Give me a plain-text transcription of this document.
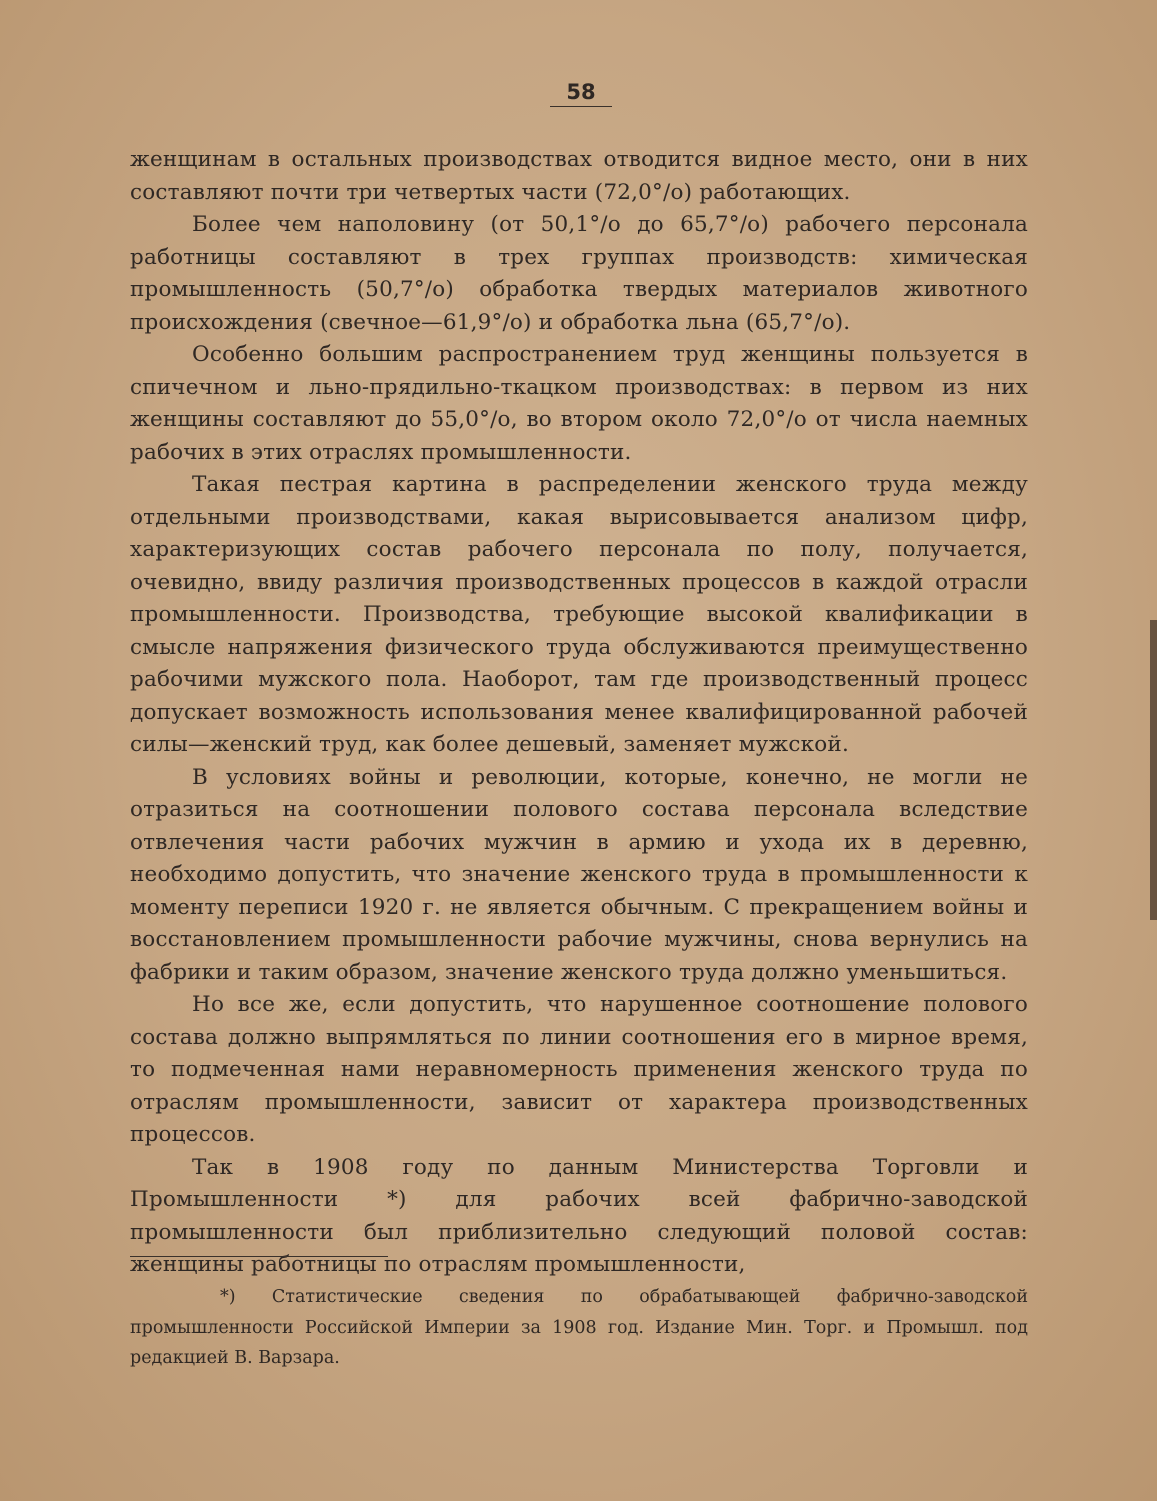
58

женщинам в остальных производствах отводится видное место, они в них составляют почти три четвертых части (72,0°/о) работающих.

Более чем наполовину (от 50,1°/о до 65,7°/о) рабочего персонала работницы составляют в трех группах производств: химическая промышленность (50,7°/о) обработка твердых материалов животного происхождения (свечное—61,9°/о) и обработка льна (65,7°/о).

Особенно большим распространением труд женщины пользуется в спичечном и льно-прядильно-ткацком производствах: в первом из них женщины составляют до 55,0°/о, во втором около 72,0°/о от числа наемных рабочих в этих отраслях промышленности.

Такая пестрая картина в распределении женского труда между отдельными производствами, какая вырисовывается анализом цифр, характеризующих состав рабочего персонала по полу, получается, очевидно, ввиду различия производственных процессов в каждой отрасли промышленности. Производства, требующие высокой квалификации в смысле напряжения физического труда обслуживаются преимущественно рабочими мужского пола. Наоборот, там где производственный процесс допускает возможность использования менее квалифицированной рабочей силы—женский труд, как более дешевый, заменяет мужской.

В условиях войны и революции, которые, конечно, не могли не отразиться на соотношении полового состава персонала вследствие отвлечения части рабочих мужчин в армию и ухода их в деревню, необходимо допустить, что значение женского труда в промышленности к моменту переписи 1920 г. не является обычным. С прекращением войны и восстановлением промышленности рабочие мужчины, снова вернулись на фабрики и таким образом, значение женского труда должно уменьшиться.

Но все же, если допустить, что нарушенное соотношение полового состава должно выпрямляться по линии соотношения его в мирное время, то подмеченная нами неравномерность применения женского труда по отраслям промышленности, зависит от характера производственных процессов.

Так в 1908 году по данным Министерства Торговли и Промышленности *) для рабочих всей фабрично-заводской промышленности был приблизительно следующий половой состав: женщины работницы по отраслям промышленности,

*) Статистические сведения по обрабатывающей фабрично-заводской промышленности Российской Империи за 1908 год. Издание Мин. Торг. и Промышл. под редакцией В. Варзара.
